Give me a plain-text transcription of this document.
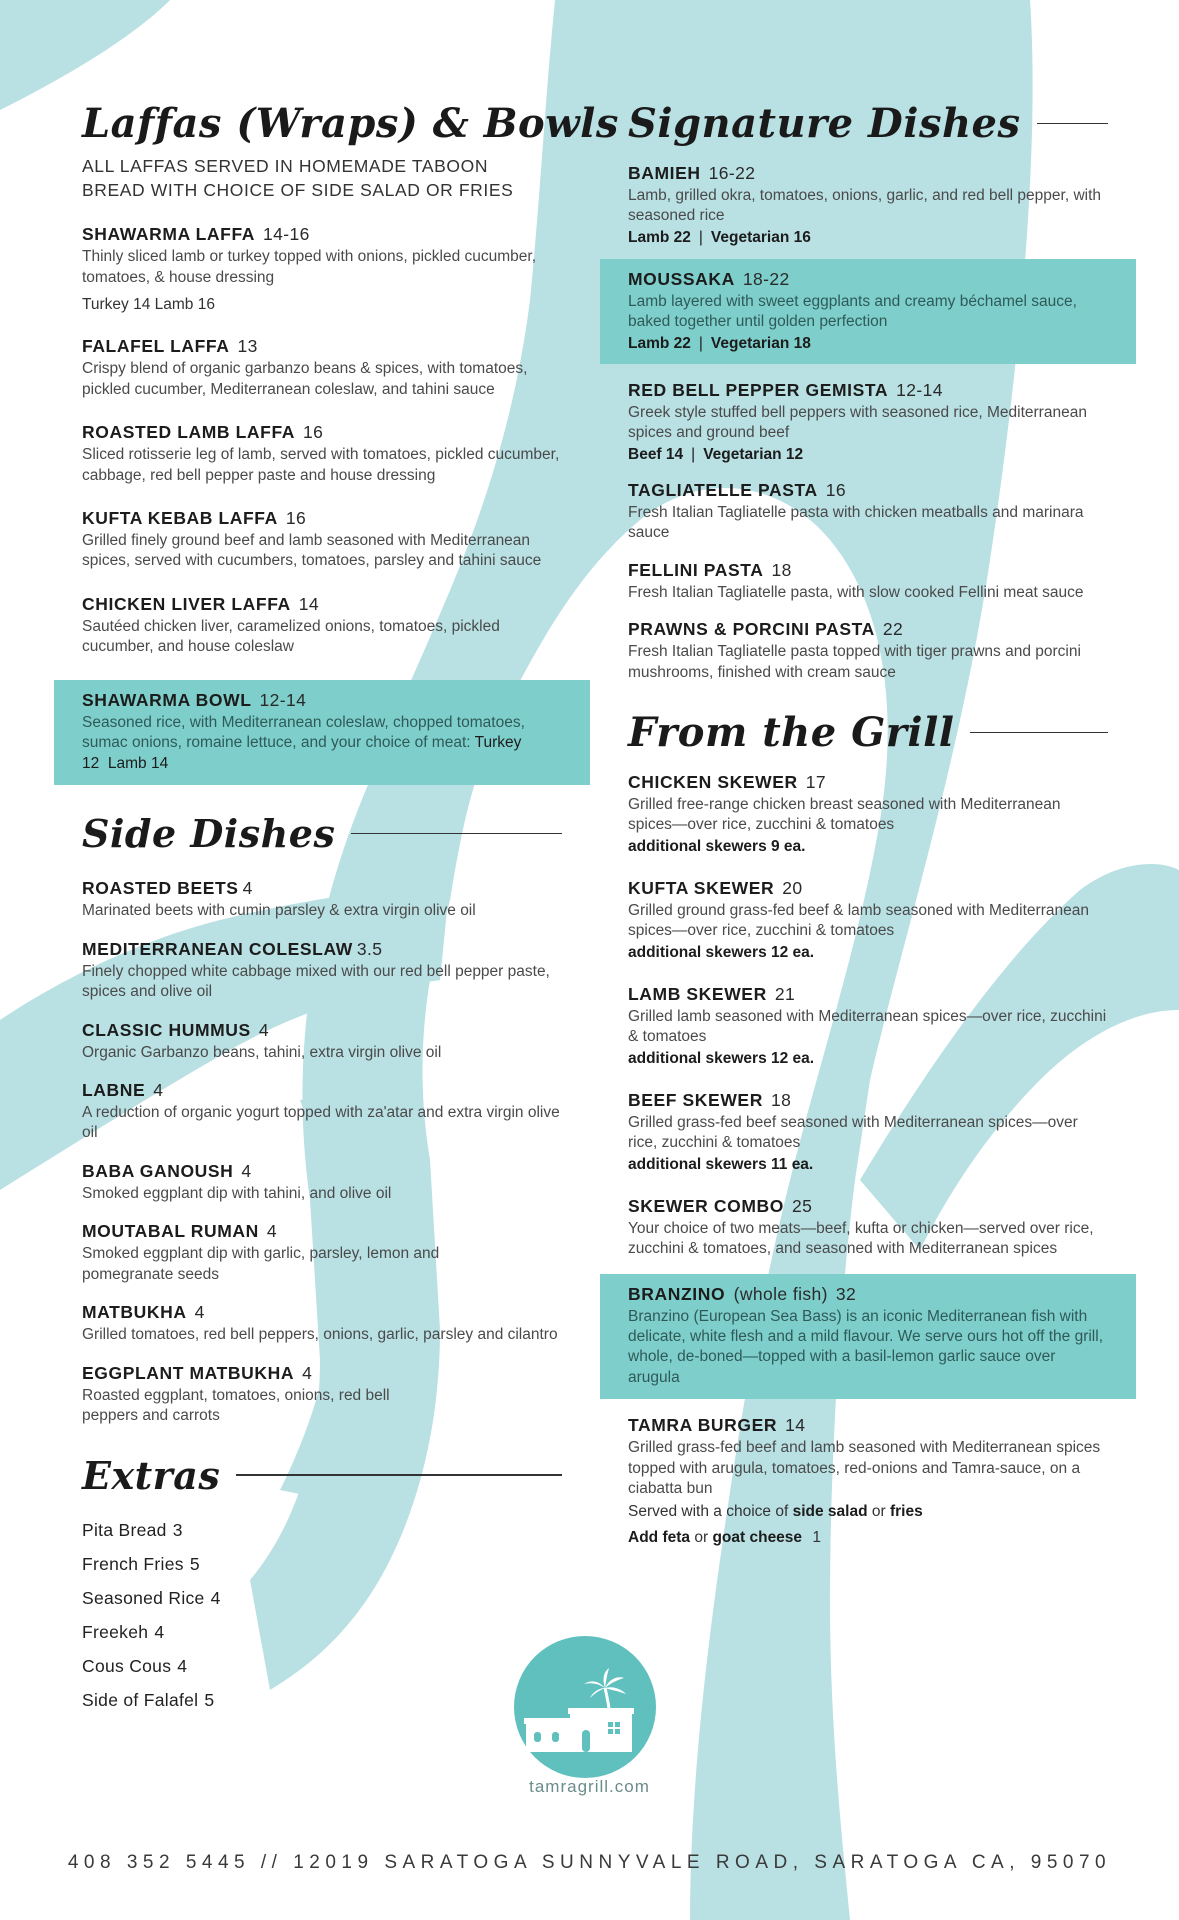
Laffas (Wraps) & Bowls
ALL LAFFAS SERVED IN HOMEMADE TABOON
BREAD WITH CHOICE OF SIDE SALAD OR FRIES
SHAWARMA LAFFA 14-16
Thinly sliced lamb or turkey topped with onions, pickled cucumber, tomatoes, & house dressing
Turkey 14 Lamb 16
FALAFEL LAFFA 13
Crispy blend of organic garbanzo beans & spices, with tomatoes, pickled cucumber, Mediterranean coleslaw, and tahini sauce
ROASTED LAMB LAFFA 16
Sliced rotisserie leg of lamb, served with tomatoes, pickled cucumber, cabbage, red bell pepper paste and house dressing
KUFTA KEBAB LAFFA 16
Grilled finely ground beef and lamb seasoned with Mediterranean spices, served with cucumbers, tomatoes, parsley and tahini sauce
CHICKEN LIVER LAFFA 14
Sautéed chicken liver, caramelized onions, tomatoes, pickled cucumber, and house coleslaw
SHAWARMA BOWL 12-14
Seasoned rice, with Mediterranean coleslaw, chopped tomatoes, sumac onions, romaine lettuce, and your choice of meat: Turkey 12 Lamb 14
Side Dishes
ROASTED BEETS 4
Marinated beets with cumin parsley & extra virgin olive oil
MEDITERRANEAN COLESLAW 3.5
Finely chopped white cabbage mixed with our red bell pepper paste, spices and olive oil
CLASSIC HUMMUS 4
Organic Garbanzo beans, tahini, extra virgin olive oil
LABNE 4
A reduction of organic yogurt topped with za'atar and extra virgin olive oil
BABA GANOUSH 4
Smoked eggplant dip with tahini, and olive oil
MOUTABAL RUMAN 4
Smoked eggplant dip with garlic, parsley, lemon and pomegranate seeds
MATBUKHA 4
Grilled tomatoes, red bell peppers, onions, garlic, parsley and cilantro
EGGPLANT MATBUKHA 4
Roasted eggplant, tomatoes, onions, red bell peppers and carrots
Extras
Pita Bread 3
French Fries 5
Seasoned Rice 4
Freekeh 4
Cous Cous 4
Side of Falafel 5
Signature Dishes
BAMIEH 16-22
Lamb, grilled okra, tomatoes, onions, garlic, and red bell pepper, with seasoned rice
Lamb 22 | Vegetarian 16
MOUSSAKA 18-22
Lamb layered with sweet eggplants and creamy béchamel sauce, baked together until golden perfection
Lamb 22 | Vegetarian 18
RED BELL PEPPER GEMISTA 12-14
Greek style stuffed bell peppers with seasoned rice, Mediterranean spices and ground beef
Beef 14 | Vegetarian 12
TAGLIATELLE PASTA 16
Fresh Italian Tagliatelle pasta with chicken meatballs and marinara sauce
FELLINI PASTA 18
Fresh Italian Tagliatelle pasta, with slow cooked Fellini meat sauce
PRAWNS & PORCINI PASTA 22
Fresh Italian Tagliatelle pasta topped with tiger prawns and porcini mushrooms, finished with cream sauce
From the Grill
CHICKEN SKEWER 17
Grilled free-range chicken breast seasoned with Mediterranean spices—over rice, zucchini & tomatoes
additional skewers 9 ea.
KUFTA SKEWER 20
Grilled ground grass-fed beef & lamb seasoned with Mediterranean spices—over rice, zucchini & tomatoes
additional skewers 12 ea.
LAMB SKEWER 21
Grilled lamb seasoned with Mediterranean spices—over rice, zucchini & tomatoes
additional skewers 12 ea.
BEEF SKEWER 18
Grilled grass-fed beef seasoned with Mediterranean spices—over rice, zucchini & tomatoes
additional skewers 11 ea.
SKEWER COMBO 25
Your choice of two meats—beef, kufta or chicken—served over rice, zucchini & tomatoes, and seasoned with Mediterranean spices
BRANZINO (whole fish) 32
Branzino (European Sea Bass) is an iconic Mediterranean fish with delicate, white flesh and a mild flavour. We serve ours hot off the grill, whole, de-boned—topped with a basil-lemon garlic sauce over arugula
TAMRA BURGER 14
Grilled grass-fed beef and lamb seasoned with Mediterranean spices topped with arugula, tomatoes, red-onions and Tamra-sauce, on a ciabatta bun
Served with a choice of side salad or fries
Add feta or goat cheese 1
tamragrill.com
408 352 5445 // 12019 SARATOGA SUNNYVALE ROAD, SARATOGA CA, 95070
